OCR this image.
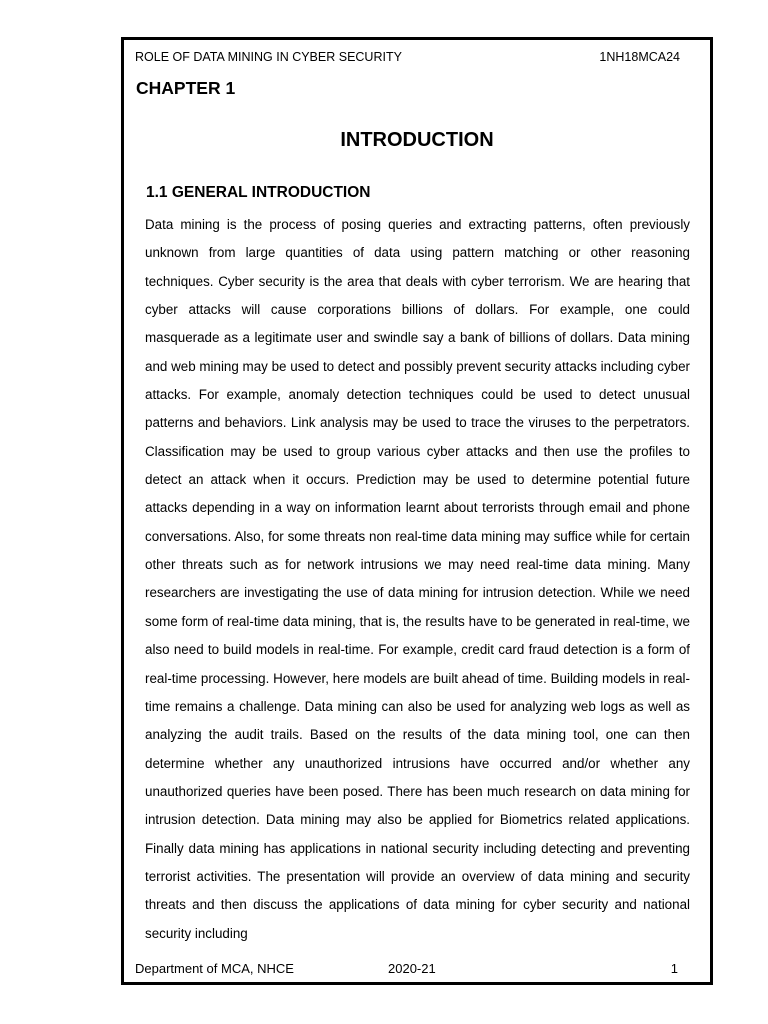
ROLE OF DATA MINING IN CYBER SECURITY	1NH18MCA24
CHAPTER 1
INTRODUCTION
1.1 GENERAL INTRODUCTION

Data mining is the process of posing queries and extracting patterns, often previously unknown from large quantities of data using pattern matching or other reasoning techniques. Cyber security is the area that deals with cyber terrorism. We are hearing that cyber attacks will cause corporations billions of dollars. For example, one could masquerade as a legitimate user and swindle say a bank of billions of dollars. Data mining and web mining may be used to detect and possibly prevent security attacks including cyber attacks. For example, anomaly detection techniques could be used to detect unusual patterns and behaviors. Link analysis may be used to trace the viruses to the perpetrators. Classification may be used to group various cyber attacks and then use the profiles to detect an attack when it occurs. Prediction may be used to determine potential future attacks depending in a way on information learnt about terrorists through email and phone conversations. Also, for some threats non real-time data mining may suffice while for certain other threats such as for network intrusions we may need real-time data mining. Many researchers are investigating the use of data mining for intrusion detection. While we need some form of real-time data mining, that is, the results have to be generated in real-time, we also need to build models in real-time. For example, credit card fraud detection is a form of real-time processing. However, here models are built ahead of time. Building models in real-time remains a challenge. Data mining can also be used for analyzing web logs as well as analyzing the audit trails. Based on the results of the data mining tool, one can then determine whether any unauthorized intrusions have occurred and/or whether any unauthorized queries have been posed. There has been much research on data mining for intrusion detection. Data mining may also be applied for Biometrics related applications. Finally data mining has applications in national security including detecting and preventing terrorist activities. The presentation will provide an overview of data mining and security threats and then discuss the applications of data mining for cyber security and national security including

Department of MCA, NHCE	2020-21	1
